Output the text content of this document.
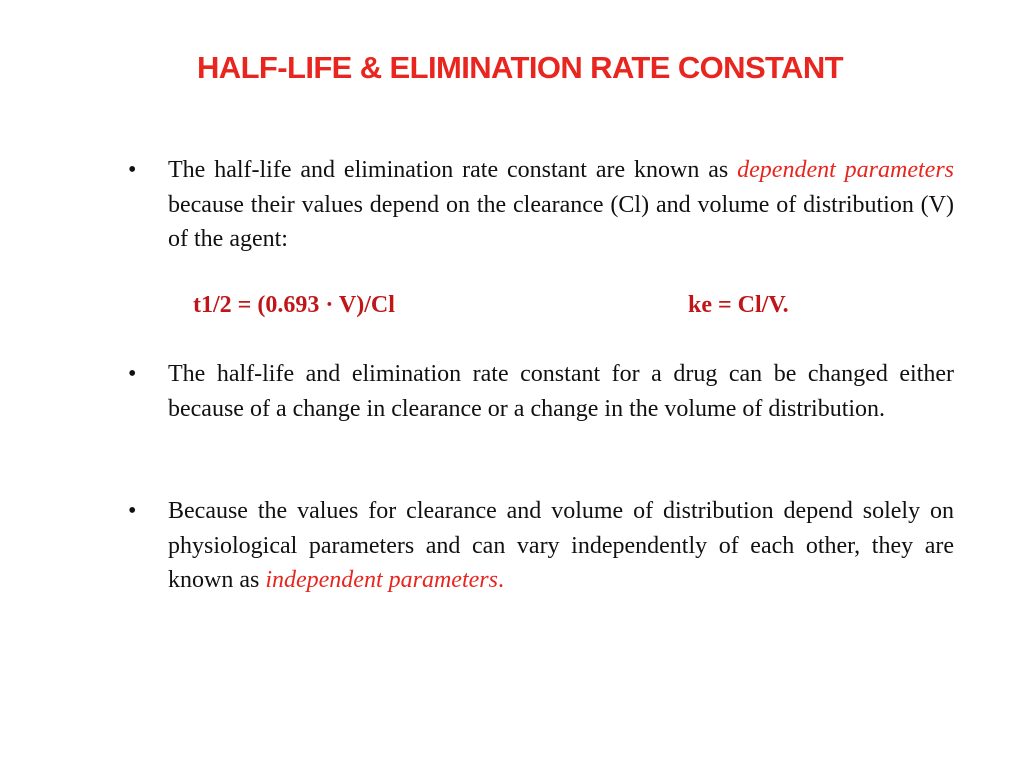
HALF-LIFE & ELIMINATION RATE CONSTANT
• The half-life and elimination rate constant are known as dependent parameters because their values depend on the clearance (Cl) and volume of distribution (V) of the agent:

t1/2 = (0.693 · V)/Cl	ke = Cl/V.
• The half-life and elimination rate constant for a drug can be changed either because of a change in clearance or a change in the volume of distribution.

• Because the values for clearance and volume of distribution depend solely on physiological parameters and can vary independently of each other, they are known as independent parameters.
